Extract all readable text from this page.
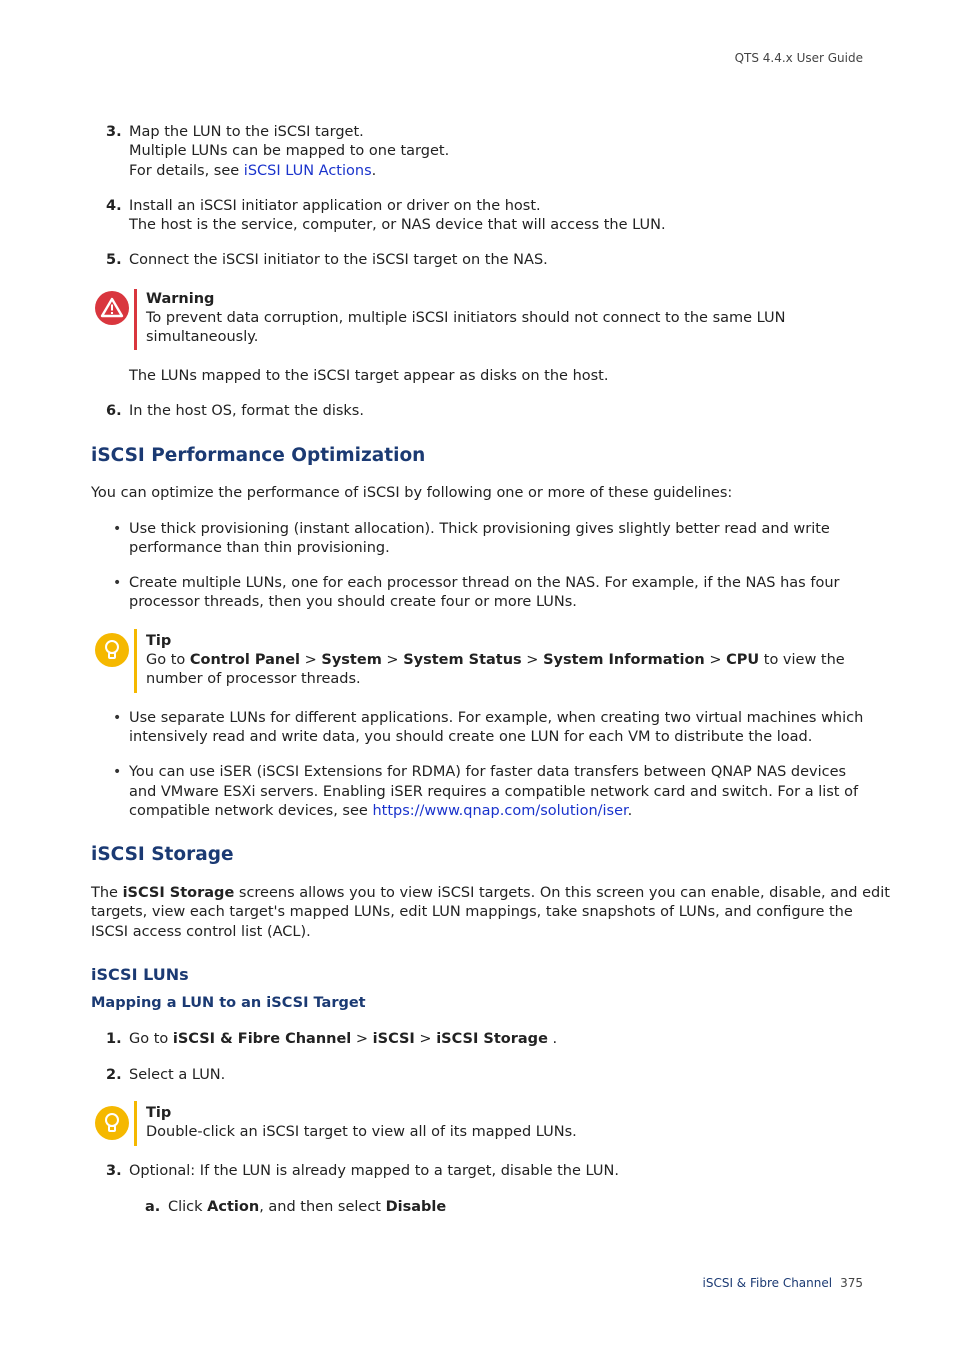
QTS 4.4.x User Guide
3. Map the LUN to the iSCSI target.
Multiple LUNs can be mapped to one target.
For details, see iSCSI LUN Actions.
4. Install an iSCSI initiator application or driver on the host.
The host is the service, computer, or NAS device that will access the LUN.
5. Connect the iSCSI initiator to the iSCSI target on the NAS.
Warning
To prevent data corruption, multiple iSCSI initiators should not connect to the same LUN
simultaneously.
The LUNs mapped to the iSCSI target appear as disks on the host.
6. In the host OS, format the disks.
iSCSI Performance Optimization
You can optimize the performance of iSCSI by following one or more of these guidelines:
• Use thick provisioning (instant allocation). Thick provisioning gives slightly better read and write
performance than thin provisioning.
• Create multiple LUNs, one for each processor thread on the NAS. For example, if the NAS has four
processor threads, then you should create four or more LUNs.
Tip
Go to Control Panel > System > System Status > System Information > CPU to view the
number of processor threads.
• Use separate LUNs for different applications. For example, when creating two virtual machines which
intensively read and write data, you should create one LUN for each VM to distribute the load.
• You can use iSER (iSCSI Extensions for RDMA) for faster data transfers between QNAP NAS devices
and VMware ESXi servers. Enabling iSER requires a compatible network card and switch. For a list of
compatible network devices, see https://www.qnap.com/solution/iser.
iSCSI Storage
The iSCSI Storage screens allows you to view iSCSI targets. On this screen you can enable, disable, and edit
targets, view each target's mapped LUNs, edit LUN mappings, take snapshots of LUNs, and configure the
ISCSI access control list (ACL).
iSCSI LUNs
Mapping a LUN to an iSCSI Target
1. Go to iSCSI & Fibre Channel > iSCSI > iSCSI Storage .
2. Select a LUN.
Tip
Double-click an iSCSI target to view all of its mapped LUNs.
3. Optional: If the LUN is already mapped to a target, disable the LUN.
a. Click Action, and then select Disable
iSCSI & Fibre Channel 375
